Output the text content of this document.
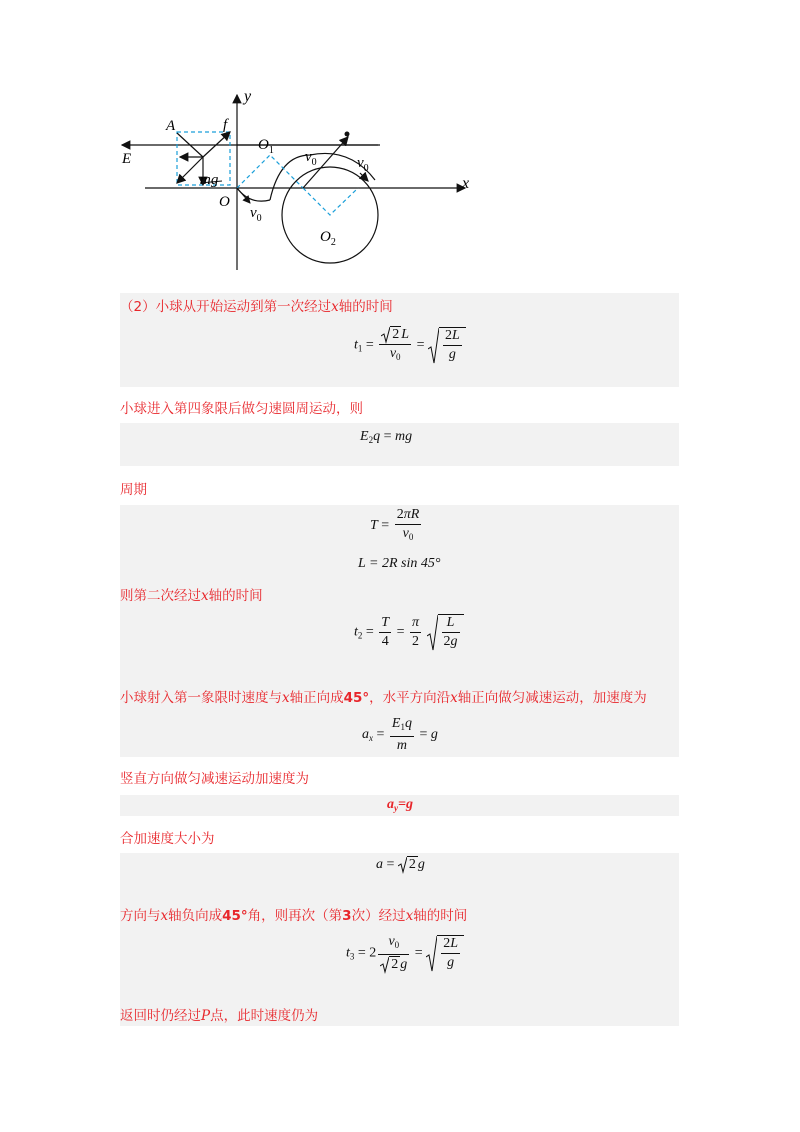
y
x
A
E
f
$O_1$
mg
O
$v_0$
$v_0$	$v_0$
$O_2$
（2）小球从开始运动到第一次经过x轴的时间
$t_1 = \frac{2 L}{v_0} = \frac{2L}{g}$
小球进入第四象限后做匀速圆周运动，则
$E_2q$ = mg
周期
$T = \frac{2\pi R}{v_0}$
L = 2R sin 45°
则第二次经过x轴的时间
$t_2 = \frac{T}{4} = \frac{\pi}{2}$
$\frac{L}{2g}$
小球射入第一象限时速度与x轴正向成45°，水平方向沿x轴正向做匀减速运动，加速度为
$a_x = \frac{E_1q}{m} = g$
竖直方向做匀减速运动加速度为
$a_y=g$
合加速度大小为
a = 2 g
方向与x轴负向成45°角，则再次（第3次）经过x轴的时间
$t_3 = 2 \frac{v_0}{2 g} = \frac{2L}{g}$
返回时仍经过P点，此时速度仍为
